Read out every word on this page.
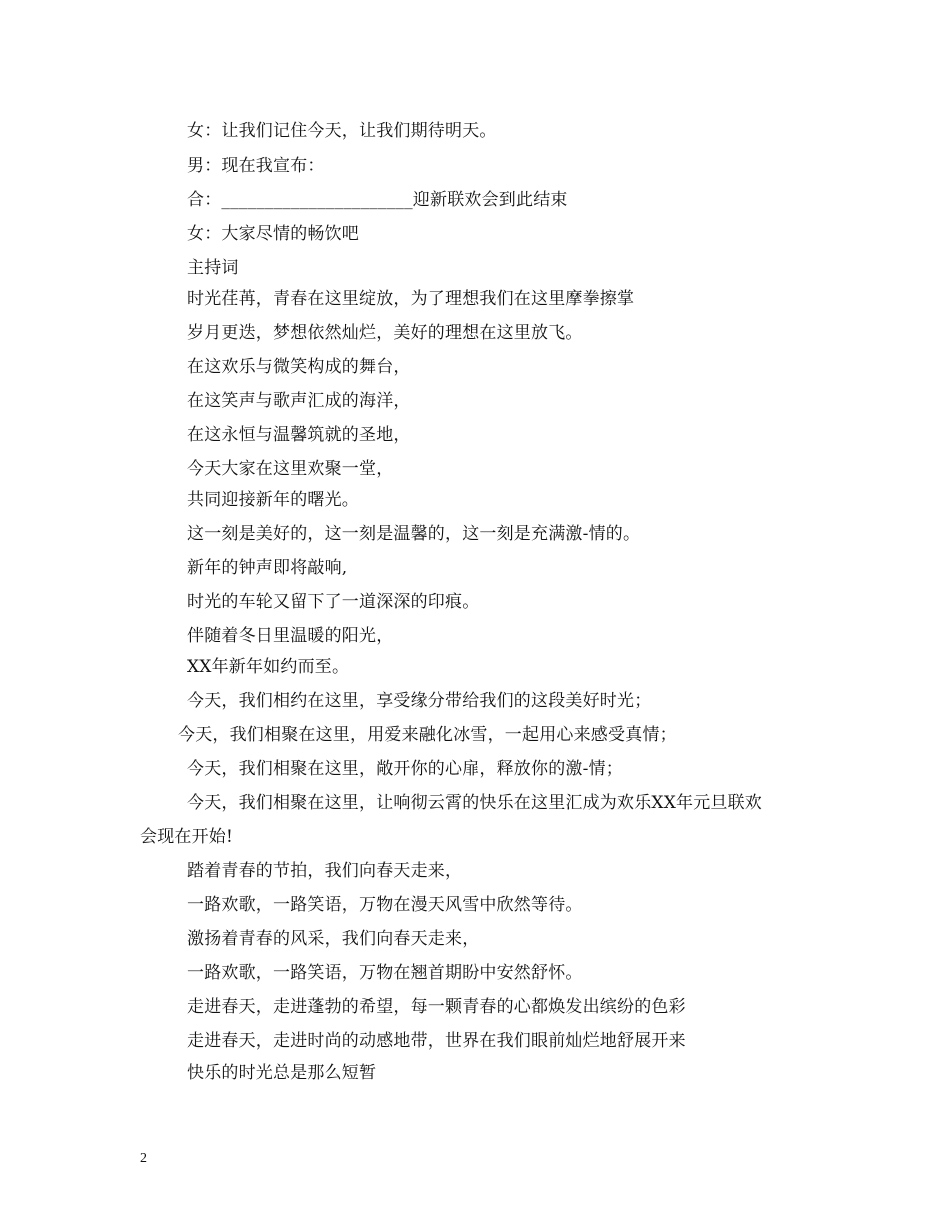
女：让我们记住今天，让我们期待明天。
男：现在我宣布：
合：______________________迎新联欢会到此结束
女：大家尽情的畅饮吧
主持词
时光荏苒，青春在这里绽放，为了理想我们在这里摩拳擦掌
岁月更迭，梦想依然灿烂，美好的理想在这里放飞。
在这欢乐与微笑构成的舞台，
在这笑声与歌声汇成的海洋，
在这永恒与温馨筑就的圣地，
今天大家在这里欢聚一堂，
共同迎接新年的曙光。
这一刻是美好的，这一刻是温馨的，这一刻是充满激-情的。
新年的钟声即将敲响,
时光的车轮又留下了一道深深的印痕。
伴随着冬日里温暖的阳光，
XX年新年如约而至。
今天，我们相约在这里，享受缘分带给我们的这段美好时光；
今天，我们相聚在这里，用爱来融化冰雪，一起用心来感受真情；
今天，我们相聚在这里，敞开你的心扉，释放你的激-情；
今天，我们相聚在这里，让响彻云霄的快乐在这里汇成为欢乐XX年元旦联欢
会现在开始!
踏着青春的节拍，我们向春天走来，
一路欢歌，一路笑语，万物在漫天风雪中欣然等待。
激扬着青春的风采，我们向春天走来，
一路欢歌，一路笑语，万物在翘首期盼中安然舒怀。
走进春天，走进蓬勃的希望，每一颗青春的心都焕发出缤纷的色彩
走进春天，走进时尚的动感地带，世界在我们眼前灿烂地舒展开来
快乐的时光总是那么短暂
2
